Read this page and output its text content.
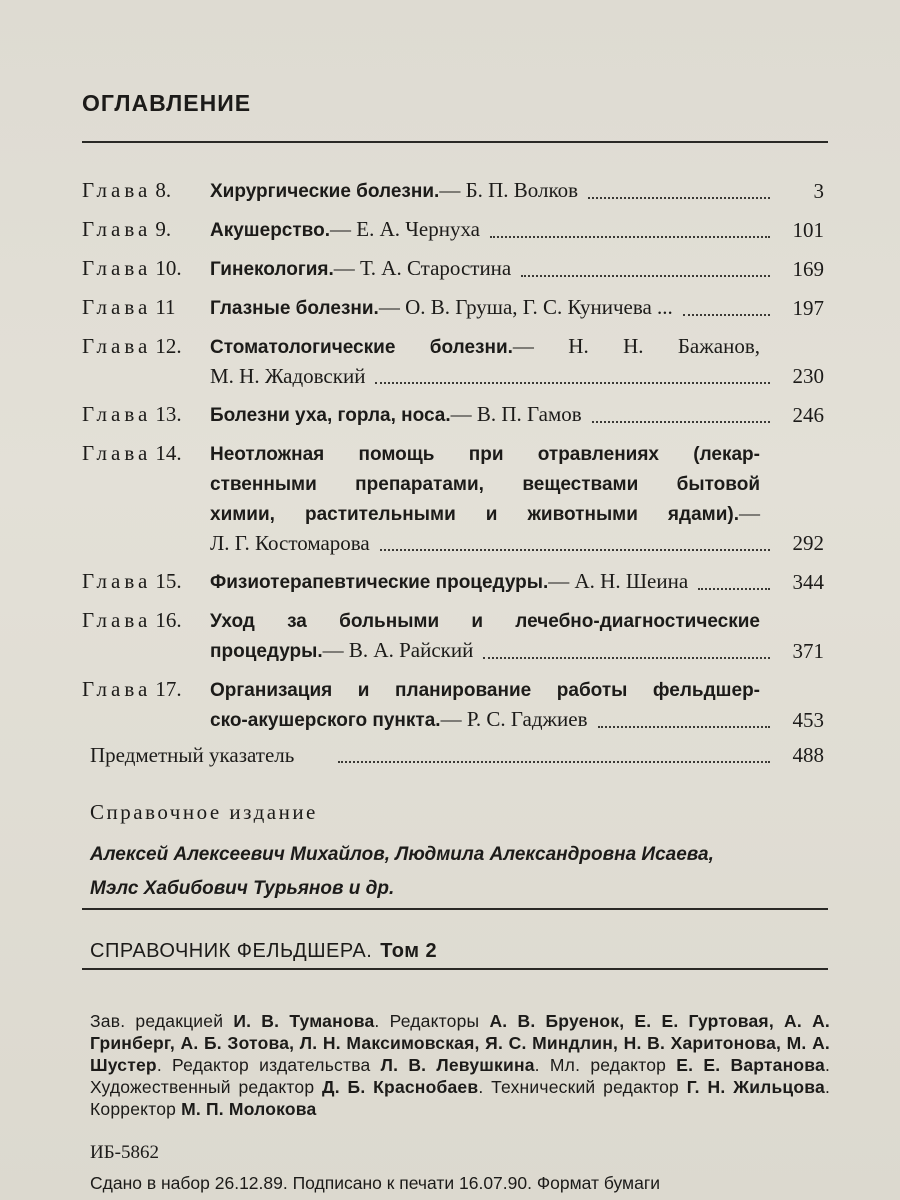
ОГЛАВЛЕНИЕ
Глава 8.	Хирургические болезни.— Б. П. Волков	3
Глава 9.	Акушерство.— Е. А. Чернуха	101
Глава 10.	Гинекология.— Т. А. Старостина	169
Глава 11	Глазные болезни.— О. В. Груша, Г. С. Куничева ...	197
Глава 12.	Стоматологические болезни.— Н. Н. Бажанов,
М. Н. Жадовский	230
Глава 13.	Болезни уха, горла, носа.— В. П. Гамов	246
Глава 14.	Неотложная помощь при отравлениях (лекар-
ственными препаратами, веществами бытовой
химии, растительными и животными ядами).—
Л. Г. Костомарова	292
Глава 15.	Физиотерапевтические процедуры.— А. Н. Шеина	344
Глава 16.	Уход за больными и лечебно-диагностические
процедуры.— В. А. Райский	371
Глава 17.	Организация и планирование работы фельдшер-
ско-акушерского пункта.— Р. С. Гаджиев	453
Предметный указатель	488
Справочное издание
Алексей Алексеевич Михайлов, Людмила Александровна Исаева,
Мэлс Хабибович Турьянов и др.
СПРАВОЧНИК ФЕЛЬДШЕРА. Том 2
Зав. редакцией И. В. Туманова. Редакторы А. В. Бруенок, Е. Е. Гуртовая, А. А. Гринберг, А. Б. Зотова, Л. Н. Максимовская, Я. С. Миндлин, Н. В. Харитонова, М. А. Шустер. Редактор издательства Л. В. Левушкина. Мл. редактор Е. Е. Вартанова. Художественный редактор Д. Б. Краснобаев. Технический редактор Г. Н. Жильцова. Корректор М. П. Молокова
ИБ-5862
Сдано в набор 26.12.89. Подписано к печати 16.07.90. Формат бумаги
